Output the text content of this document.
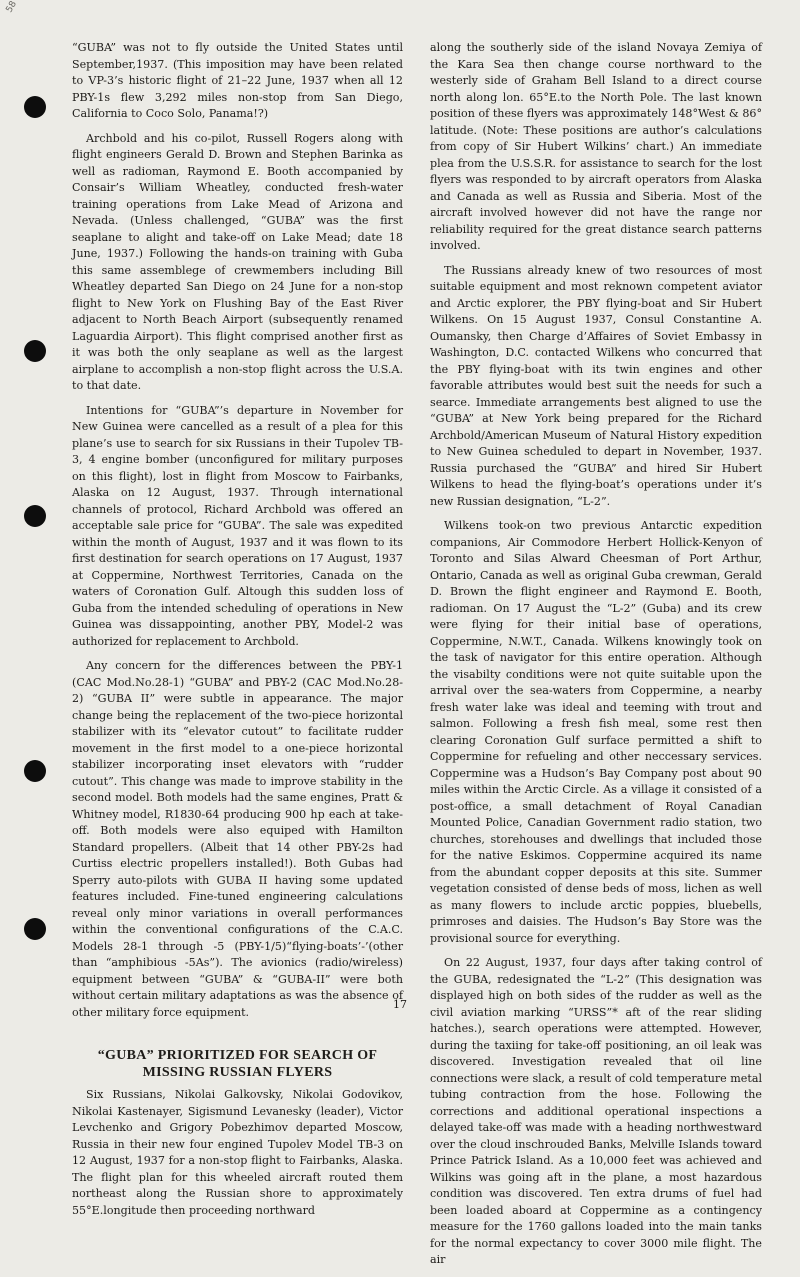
58

“GUBA” was not to fly outside the United States until September,1937. (This imposition may have been related to VP-3’s historic flight of 21–22 June, 1937 when all 12 PBY-1s flew 3,292 miles non-stop from San Diego, California to Coco Solo, Panama!?)

Archbold and his co-pilot, Russell Rogers along with flight engineers Gerald D. Brown and Stephen Barinka as well as radioman, Raymond E. Booth accompanied by Consair’s William Wheatley, conducted fresh-water training operations from Lake Mead of Arizona and Nevada. (Unless challenged, “GUBA” was the first seaplane to alight and take-off on Lake Mead; date 18 June, 1937.) Following the hands-on training with Guba this same assemblege of crewmembers including Bill Wheatley departed San Diego on 24 June for a non-stop flight to New York on Flushing Bay of the East River adjacent to North Beach Airport (subsequently renamed Laguardia Airport). This flight comprised another first as it was both the only seaplane as well as the largest airplane to accomplish a non-stop flight across the U.S.A. to that date.

Intentions for “GUBA”’s departure in November for New Guinea were cancelled as a result of a plea for this plane’s use to search for six Russians in their Tupolev TB-3, 4 engine bomber (unconfigured for military purposes on this flight), lost in flight from Moscow to Fairbanks, Alaska on 12 August, 1937. Through international channels of protocol, Richard Archbold was offered an acceptable sale price for “GUBA”. The sale was expedited within the month of August, 1937 and it was flown to its first destination for search operations on 17 August, 1937 at Coppermine, Northwest Territories, Canada on the waters of Coronation Gulf. Altough this sudden loss of Guba from the intended scheduling of operations in New Guinea was dissappointing, another PBY, Model-2 was authorized for replacement to Archbold.

Any concern for the differences between the PBY-1 (CAC Mod.No.28-1) “GUBA” and PBY-2 (CAC Mod.No.28-2) “GUBA II” were subtle in appearance. The major change being the replacement of the two-piece horizontal stabilizer with its “elevator cutout” to facilitate rudder movement in the first model to a one-piece horizontal stabilizer incorporating inset elevators with “rudder cutout”. This change was made to improve stability in the second model. Both models had the same engines, Pratt & Whitney model, R1830-64 producing 900 hp each at take-off. Both models were also equiped with Hamilton Standard propellers. (Albeit that 14 other PBY-2s had Curtiss electric propellers installed!). Both Gubas had Sperry auto-pilots with GUBA II having some updated features included. Fine-tuned engineering calculations reveal only minor variations in overall performances within the conventional configurations of the C.A.C. Models 28-1 through -5 (PBY-1/5)“flying-boats’-’(other than “amphibious -5As”). The avionics (radio/wireless) equipment between “GUBA” & “GUBA-II” were both without certain military adaptations as was the absence of other military force equipment.

“GUBA” PRIORITIZED FOR SEARCH OF
MISSING RUSSIAN FLYERS

Six Russians, Nikolai Galkovsky, Nikolai Godovikov, Nikolai Kastenayer, Sigismund Levanesky (leader), Victor Levchenko and Grigory Pobezhimov departed Moscow, Russia in their new four engined Tupolev Model TB-3 on 12 August, 1937 for a non-stop flight to Fairbanks, Alaska. The flight plan for this wheeled aircraft routed them northeast along the Russian shore to approximately 55°E.longitude then proceeding northward

along the southerly side of the island Novaya Zemiya of the Kara Sea then change course northward to the westerly side of Graham Bell Island to a direct course north along lon. 65°E.to the North Pole. The last known position of these flyers was approximately 148°West & 86° latitude. (Note: These positions are author’s calculations from copy of Sir Hubert Wilkins’ chart.) An immediate plea from the U.S.S.R. for assistance to search for the lost flyers was responded to by aircraft operators from Alaska and Canada as well as Russia and Siberia. Most of the aircraft involved however did not have the range nor reliability required for the great distance search patterns involved.

The Russians already knew of two resources of most suitable equipment and most reknown competent aviator and Arctic explorer, the PBY flying-boat and Sir Hubert Wilkens. On 15 August 1937, Consul Constantine A. Oumansky, then Charge d’Affaires of Soviet Embassy in Washington, D.C. contacted Wilkens who concurred that the PBY flying-boat with its twin engines and other favorable attributes would best suit the needs for such a searce. Immediate arrangements best aligned to use the “GUBA” at New York being prepared for the Richard Archbold/American Museum of Natural History expedition to New Guinea scheduled to depart in November, 1937. Russia purchased the “GUBA” and hired Sir Hubert Wilkens to head the flying-boat’s operations under it’s new Russian designation, “L-2”.

Wilkens took-on two previous Antarctic expedition companions, Air Commodore Herbert Hollick-Kenyon of Toronto and Silas Alward Cheesman of Port Arthur, Ontario, Canada as well as original Guba crewman, Gerald D. Brown the flight engineer and Raymond E. Booth, radioman. On 17 August the “L-2” (Guba) and its crew were flying for their initial base of operations, Coppermine, N.W.T., Canada. Wilkens knowingly took on the task of navigator for this entire operation. Although the visabilty conditions were not quite suitable upon the arrival over the sea-waters from Coppermine, a nearby fresh water lake was ideal and teeming with trout and salmon. Following a fresh fish meal, some rest then clearing Coronation Gulf surface permitted a shift to Coppermine for refueling and other neccessary services. Coppermine was a Hudson’s Bay Company post about 90 miles within the Arctic Circle. As a village it consisted of a post-office, a small detachment of Royal Canadian Mounted Police, Canadian Government radio station, two churches, storehouses and dwellings that included those for the native Eskimos. Coppermine acquired its name from the abundant copper deposits at this site. Summer vegetation consisted of dense beds of moss, lichen as well as many flowers to include arctic poppies, bluebells, primroses and daisies. The Hudson’s Bay Store was the provisional source for everything.

On 22 August, 1937, four days after taking control of the GUBA, redesignated the “L-2” (This designation was displayed high on both sides of the rudder as well as the civil aviation marking “URSS”* aft of the rear sliding hatches.), search operations were attempted. However, during the taxiing for take-off positioning, an oil leak was discovered. Investigation revealed that oil line connections were slack, a result of cold temperature metal tubing contraction from the hose. Following the corrections and additional operational inspections a delayed take-off was made with a heading northwestward over the cloud inschrouded Banks, Melville Islands toward Prince Patrick Island. As a 10,000 feet was achieved and Wilkins was going aft in the plane, a most hazardous condition was discovered. Ten extra drums of fuel had been loaded aboard at Coppermine as a contingency measure for the 1760 gallons loaded into the main tanks for the normal expectancy to cover 3000 mile flight. The air

17
